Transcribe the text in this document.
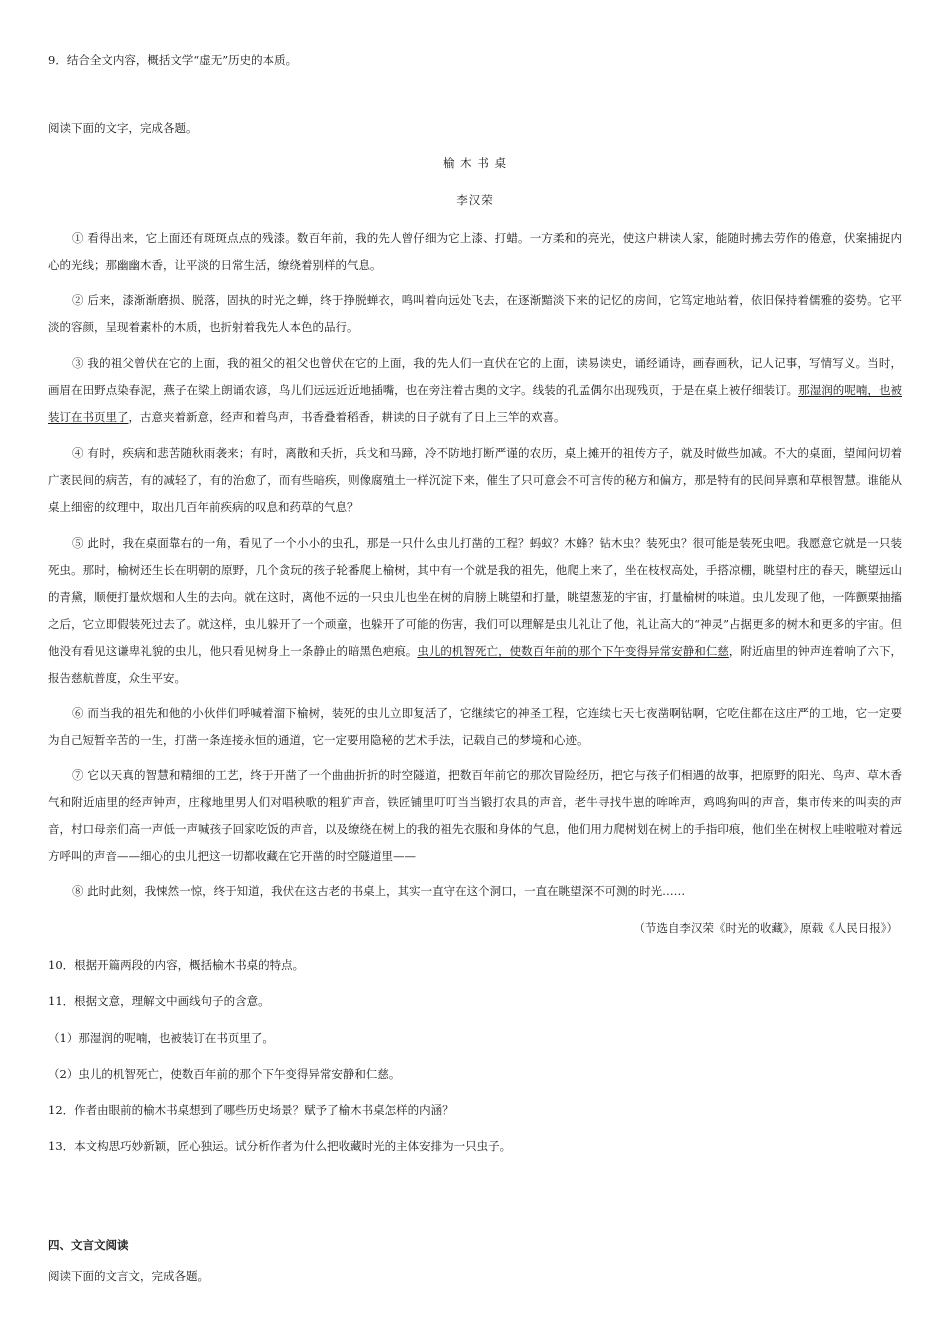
9．结合全文内容，概括文学“虚无”历史的本质。
阅读下面的文字，完成各题。
榆 木 书 桌
李汉荣
① 看得出来，它上面还有斑斑点点的残漆。数百年前，我的先人曾仔细为它上漆、打蜡。一方柔和的亮光，使这户耕读人家，能随时拂去劳作的倦意，伏案捕捉内心的光线；那幽幽木香，让平淡的日常生活，缭绕着别样的气息。
② 后来，漆渐渐磨损、脱落，固执的时光之蝉，终于挣脱蝉衣，鸣叫着向远处飞去，在逐渐黯淡下来的记忆的房间，它笃定地站着，依旧保持着儒雅的姿势。它平淡的容颜，呈现着素朴的木质，也折射着我先人本色的品行。
③ 我的祖父曾伏在它的上面，我的祖父的祖父也曾伏在它的上面，我的先人们一直伏在它的上面，读易读史，诵经诵诗，画春画秋，记人记事，写情写义。当时，画眉在田野点染春泥，燕子在梁上朗诵农谚，鸟儿们远远近近地插嘴，也在旁注着古奥的文字。线装的孔孟偶尔出现残页，于是在桌上被仔细装订。那湿润的呢喃，也被装订在书页里了，古意夹着新意，经声和着鸟声，书香叠着稻香，耕读的日子就有了日上三竿的欢喜。
④ 有时，疾病和悲苦随秋雨袭来；有时，离散和夭折，兵戈和马蹄，冷不防地打断严谨的农历，桌上摊开的祖传方子，就及时做些加减。不大的桌面，望闻问切着广袤民间的病苦，有的减轻了，有的治愈了，而有些暗疾，则像腐殖土一样沉淀下来，催生了只可意会不可言传的秘方和偏方，那是特有的民间异禀和草根智慧。谁能从桌上细密的纹理中，取出几百年前疾病的叹息和药草的气息？
⑤ 此时，我在桌面靠右的一角，看见了一个小小的虫孔，那是一只什么虫儿打凿的工程？蚂蚁？木蜂？钻木虫？装死虫？很可能是装死虫吧。我愿意它就是一只装死虫。那时，榆树还生长在明朝的原野，几个贪玩的孩子轮番爬上榆树，其中有一个就是我的祖先，他爬上来了，坐在枝杈高处，手搭凉棚，眺望村庄的春天，眺望远山的青黛，顺便打量炊烟和人生的去向。就在这时，离他不远的一只虫儿也坐在树的肩膀上眺望和打量，眺望葱茏的宇宙，打量榆树的味道。虫儿发现了他，一阵颤栗抽搐之后，它立即假装死过去了。就这样，虫儿躲开了一个顽童，也躲开了可能的伤害，我们可以理解是虫儿礼让了他，礼让高大的“神灵”占据更多的树木和更多的宇宙。但他没有看见这谦卑礼貌的虫儿，他只看见树身上一条静止的暗黑色疤痕。虫儿的机智死亡，使数百年前的那个下午变得异常安静和仁慈，附近庙里的钟声连着响了六下，报告慈航普度，众生平安。
⑥ 而当我的祖先和他的小伙伴们呼喊着溜下榆树，装死的虫儿立即复活了，它继续它的神圣工程，它连续七天七夜凿啊钻啊，它吃住都在这庄严的工地，它一定要为自己短暂辛苦的一生，打凿一条连接永恒的通道，它一定要用隐秘的艺术手法，记载自己的梦境和心迹。
⑦ 它以天真的智慧和精细的工艺，终于开凿了一个曲曲折折的时空隧道，把数百年前它的那次冒险经历，把它与孩子们相遇的故事，把原野的阳光、鸟声、草木香气和附近庙里的经声钟声，庄稼地里男人们对唱秧歌的粗犷声音，铁匠铺里叮叮当当锻打农具的声音，老牛寻找牛崽的哞哞声，鸡鸣狗叫的声音，集市传来的叫卖的声音，村口母亲们高一声低一声喊孩子回家吃饭的声音，以及缭绕在树上的我的祖先衣服和身体的气息，他们用力爬树划在树上的手指印痕，他们坐在树杈上哇啦啦对着远方呼叫的声音——细心的虫儿把这一切都收藏在它开凿的时空隧道里——
⑧ 此时此刻，我悚然一惊，终于知道，我伏在这古老的书桌上，其实一直守在这个洞口，一直在眺望深不可测的时光……
（节选自李汉荣《时光的收藏》，原载《人民日报》）
10．根据开篇两段的内容，概括榆木书桌的特点。
11．根据文意，理解文中画线句子的含意。
（1）那湿润的呢喃，也被装订在书页里了。
（2）虫儿的机智死亡，使数百年前的那个下午变得异常安静和仁慈。
12．作者由眼前的榆木书桌想到了哪些历史场景？赋予了榆木书桌怎样的内涵？
13．本文构思巧妙新颖，匠心独运。试分析作者为什么把收藏时光的主体安排为一只虫子。
四、文言文阅读
阅读下面的文言文，完成各题。
